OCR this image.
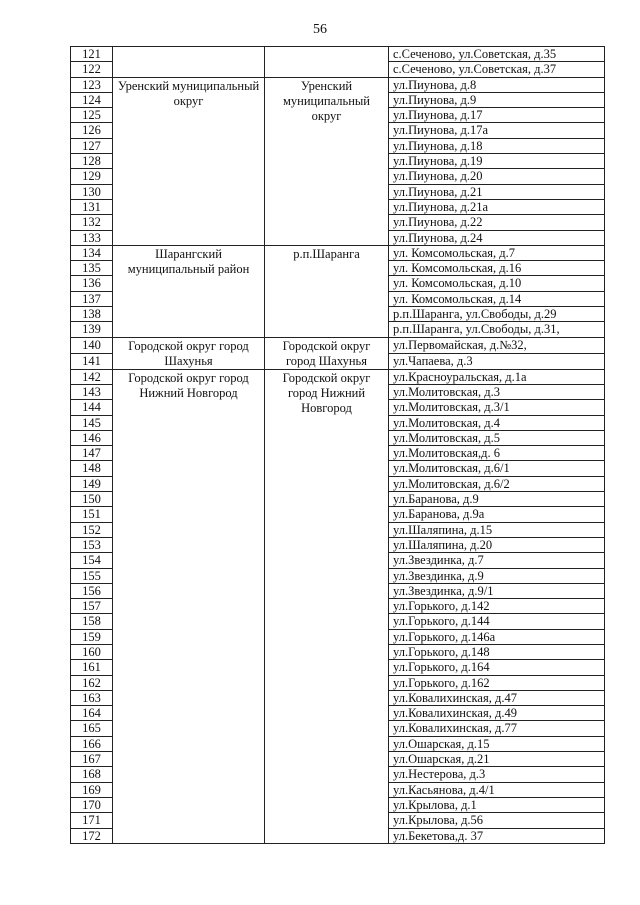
56
121			с.Сеченово, ул.Советская, д.35
122			с.Сеченово, ул.Советская, д.37
123	Уренский муниципальный округ	Уренский муниципальный округ	ул.Пиунова, д.8
124			ул.Пиунова, д.9
125			ул.Пиунова, д.17
126			ул.Пиунова, д.17а
127			ул.Пиунова, д.18
128			ул.Пиунова, д.19
129			ул.Пиунова, д.20
130			ул.Пиунова, д.21
131			ул.Пиунова, д.21а
132			ул.Пиунова, д.22
133			ул.Пиунова, д.24
134	Шарангский муниципальный район	р.п.Шаранга	ул. Комсомольская, д.7
135			ул. Комсомольская, д.16
136			ул. Комсомольская, д.10
137			ул. Комсомольская, д.14
138			р.п.Шаранга, ул.Свободы, д.29
139			р.п.Шаранга, ул.Свободы, д.31,
140	Городской округ город Шахунья	Городской округ город Шахунья	ул.Первомайская, д.№32,
141			ул.Чапаева, д.3
142	Городской округ город Нижний Новгород	Городской округ город Нижний Новгород	ул.Красноуральская, д.1а
143			ул.Молитовская, д.3
144			ул.Молитовская, д.3/1
145			ул.Молитовская, д.4
146			ул.Молитовская, д.5
147			ул.Молитовская,д. 6
148			ул.Молитовская, д.6/1
149			ул.Молитовская, д.6/2
150			ул.Баранова, д.9
151			ул.Баранова, д.9а
152			ул.Шаляпина, д.15
153			ул.Шаляпина, д.20
154			ул.Звездинка, д.7
155			ул.Звездинка, д.9
156			ул.Звездинка, д.9/1
157			ул.Горького, д.142
158			ул.Горького, д.144
159			ул.Горького, д.146а
160			ул.Горького, д.148
161			ул.Горького, д.164
162			ул.Горького, д.162
163			ул.Ковалихинская, д.47
164			ул.Ковалихинская, д.49
165			ул.Ковалихинская, д.77
166			ул.Ошарская, д.15
167			ул.Ошарская, д.21
168			ул.Нестерова, д.3
169			ул.Касьянова, д.4/1
170			ул.Крылова, д.1
171			ул.Крылова, д.56
172			ул.Бекетова,д. 37
